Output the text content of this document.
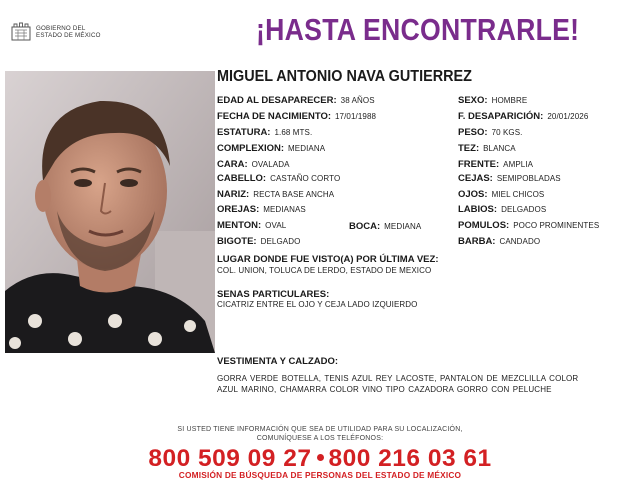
GOBIERNO DEL
ESTADO DE MÉXICO	¡HASTA ENCONTRARLE!
MIGUEL ANTONIO NAVA GUTIERREZ
EDAD AL DESAPARECER: 38 AÑOS
FECHA DE NACIMIENTO: 17/01/1988
ESTATURA: 1.68 MTS.
COMPLEXION: MEDIANA
CARA: OVALADA
CABELLO: CASTAÑO CORTO
NARIZ: RECTA BASE ANCHA
OREJAS: MEDIANAS
MENTON: OVAL	BOCA: MEDIANA
BIGOTE: DELGADO
SEXO: HOMBRE
F. DESAPARICIÓN: 20/01/2026
PESO: 70 KGS.
TEZ: BLANCA
FRENTE: AMPLIA
CEJAS: SEMIPOBLADAS
OJOS: MIEL CHICOS
LABIOS: DELGADOS
POMULOS: POCO PROMINENTES
BARBA: CANDADO
LUGAR DONDE FUE VISTO(A) POR ÚLTIMA VEZ:
COL. UNION, TOLUCA DE LERDO, ESTADO DE MEXICO
SENAS PARTICULARES:
CICATRIZ ENTRE EL OJO Y CEJA LADO IZQUIERDO
VESTIMENTA Y CALZADO:
GORRA VERDE BOTELLA, TENIS AZUL REY LACOSTE, PANTALON DE MEZCLILLA COLOR AZUL MARINO, CHAMARRA COLOR VINO TIPO CAZADORA GORRO CON PELUCHE
SI USTED TIENE INFORMACIÓN QUE SEA DE UTILIDAD PARA SU LOCALIZACIÓN,
COMUNÍQUESE A LOS TELÉFONOS:
800 509 09 27 800 216 03 61
COMISIÓN DE BÚSQUEDA DE PERSONAS DEL ESTADO DE MÉXICO
